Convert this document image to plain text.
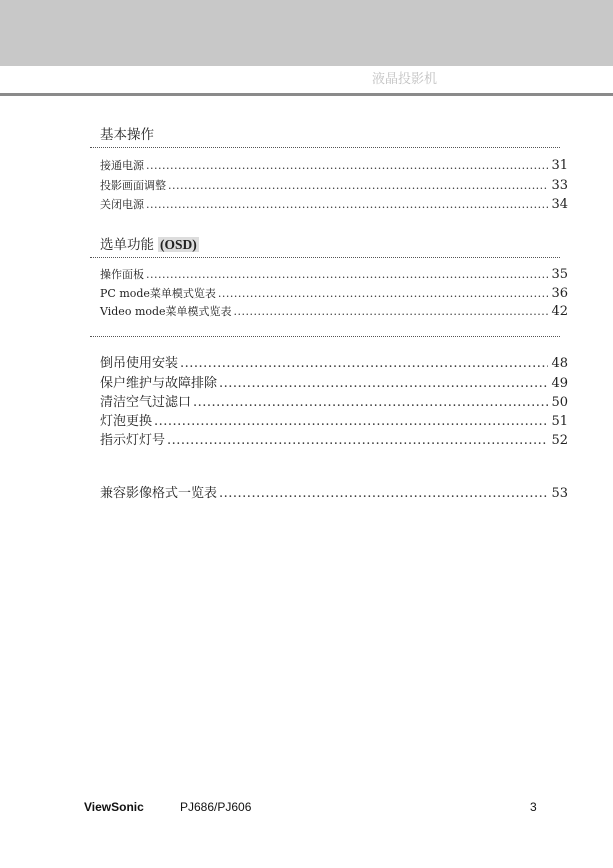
液晶投影机
基本操作
接通电源 .....	31
投影画面调整 .....	33
关闭电源 .....	34
选单功能 (OSD)
操作面板 .....	35
PC mode菜单模式览表 .....	36
Video mode菜单模式览表 .....	42
倒吊使用安装 .....	48
保户维护与故障排除 .....	49
清洁空气过滤口 .....	50
灯泡更换 .....	51
指示灯灯号 .....	52
兼容影像格式一览表 .....	53
ViewSonic	PJ686/PJ606	3
